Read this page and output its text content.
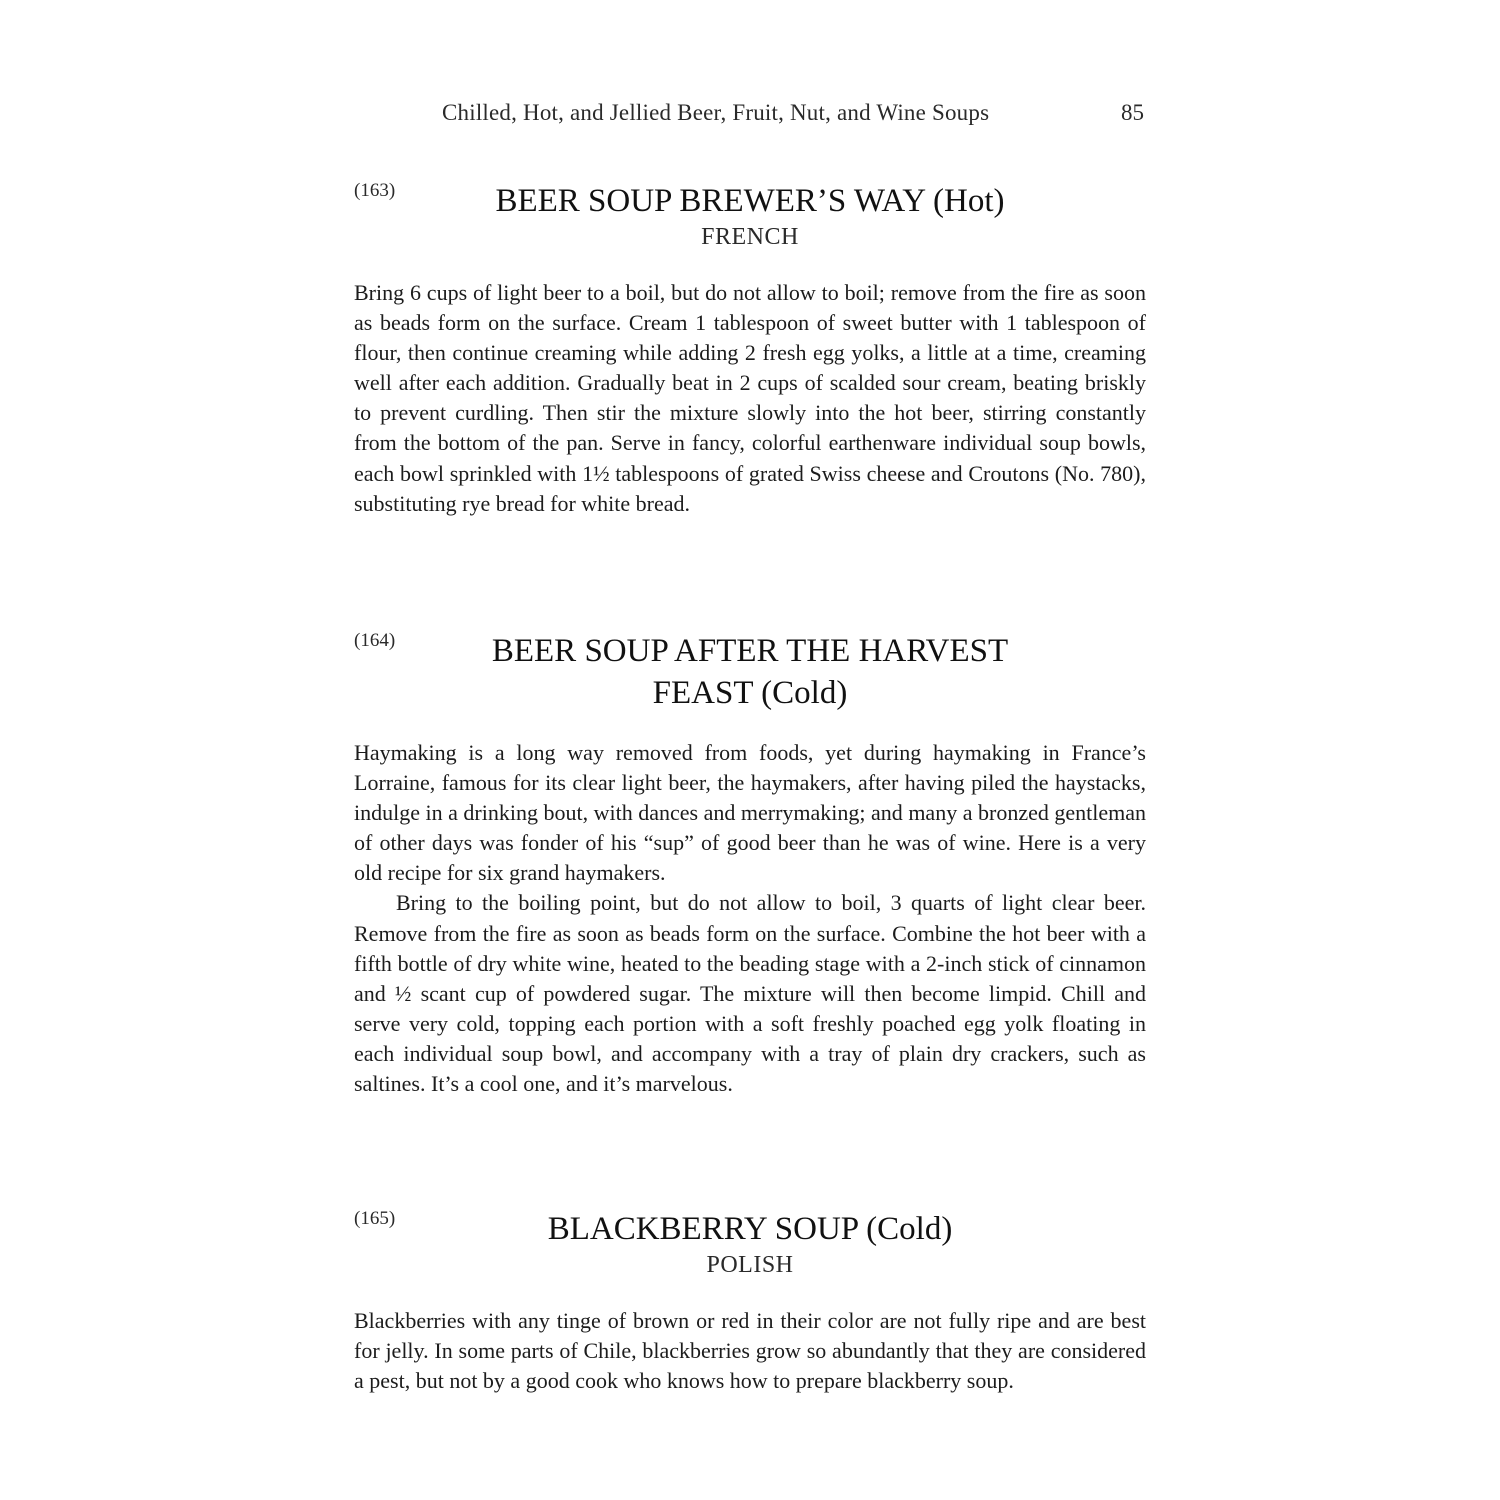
Chilled, Hot, and Jellied Beer, Fruit, Nut, and Wine Soups	85
(163)	BEER SOUP BREWER’S WAY (Hot)
FRENCH

Bring 6 cups of light beer to a boil, but do not allow to boil; remove from the fire as soon as beads form on the surface. Cream 1 tablespoon of sweet butter with 1 tablespoon of flour, then continue creaming while adding 2 fresh egg yolks, a little at a time, creaming well after each addition. Gradually beat in 2 cups of scalded sour cream, beating briskly to prevent curdling. Then stir the mixture slowly into the hot beer, stirring constantly from the bottom of the pan. Serve in fancy, colorful earthenware individual soup bowls, each bowl sprinkled with 1½ tablespoons of grated Swiss cheese and Croutons (No. 780), substituting rye bread for white bread.

(164)	BEER SOUP AFTER THE HARVEST
FEAST (Cold)

Haymaking is a long way removed from foods, yet during haymaking in France’s Lorraine, famous for its clear light beer, the haymakers, after having piled the haystacks, indulge in a drinking bout, with dances and merrymaking; and many a bronzed gentleman of other days was fonder of his “sup” of good beer than he was of wine. Here is a very old recipe for six grand haymakers.

Bring to the boiling point, but do not allow to boil, 3 quarts of light clear beer. Remove from the fire as soon as beads form on the surface. Combine the hot beer with a fifth bottle of dry white wine, heated to the beading stage with a 2-inch stick of cinnamon and ½ scant cup of powdered sugar. The mixture will then become limpid. Chill and serve very cold, topping each portion with a soft freshly poached egg yolk floating in each individual soup bowl, and accompany with a tray of plain dry crackers, such as saltines. It’s a cool one, and it’s marvelous.

(165)	BLACKBERRY SOUP (Cold)
POLISH

Blackberries with any tinge of brown or red in their color are not fully ripe and are best for jelly. In some parts of Chile, blackberries grow so abundantly that they are considered a pest, but not by a good cook who knows how to prepare blackberry soup.
